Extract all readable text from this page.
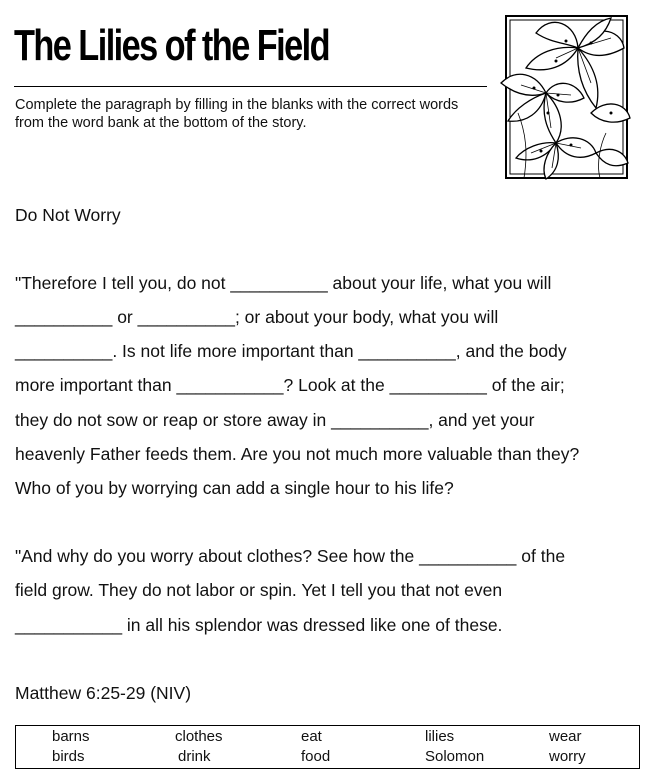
The Lilies of the Field
Complete the paragraph by filling in the blanks with the correct words from the word bank at the bottom of the story.
Do Not Worry
"Therefore I tell you, do not __________ about your life, what you will
__________ or __________; or about your body, what you will
__________. Is not life more important than __________, and the body
more important than ___________? Look at the __________ of the air;
they do not sow or reap or store away in __________, and yet your
heavenly Father feeds them. Are you not much more valuable than they?
Who of you by worrying can add a single hour to his life?
"And why do you worry about clothes? See how the __________ of the
field grow. They do not labor or spin. Yet I tell you that not even
___________ in all his splendor was dressed like one of these.
Matthew 6:25-29 (NIV)
barns	clothes	eat	lilies	wear
birds	drink	food	Solomon	worry
